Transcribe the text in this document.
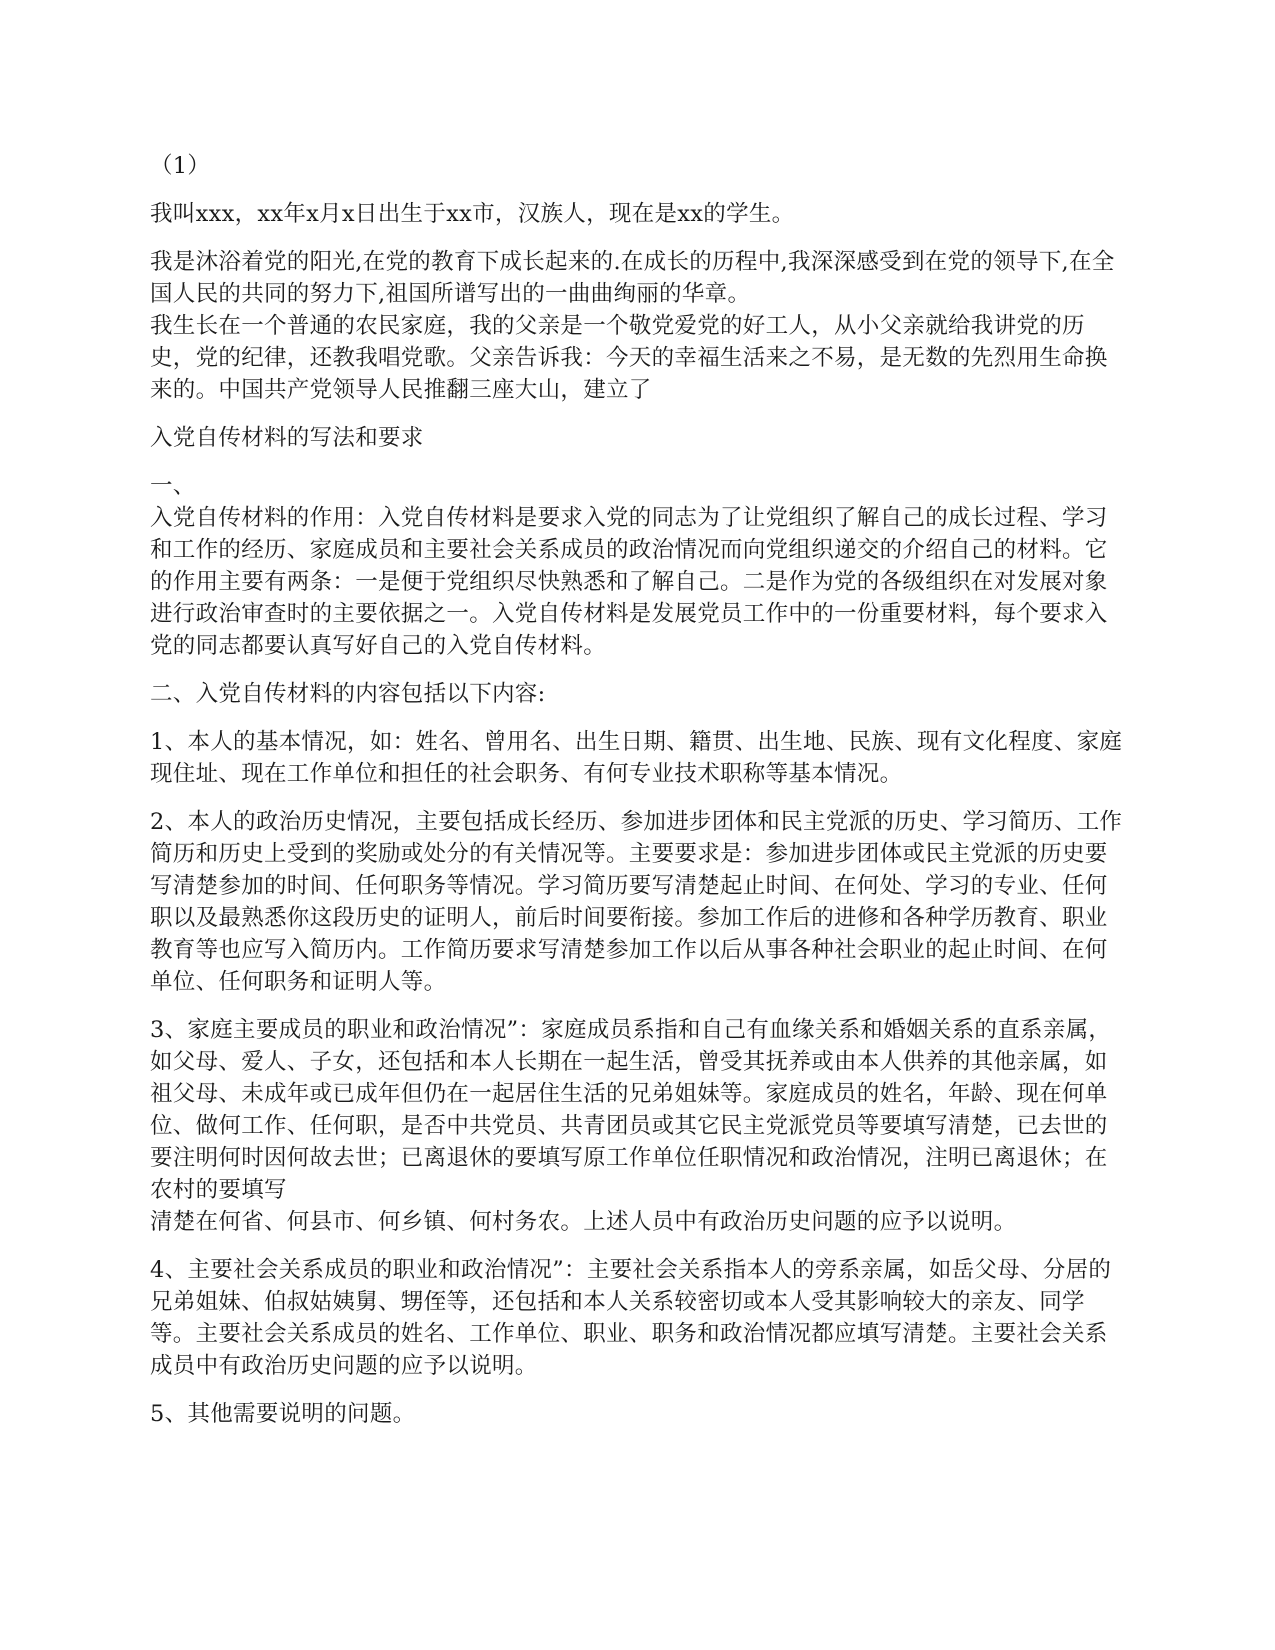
（1）

我叫xxx，xx年x月x日出生于xx市，汉族人，现在是xx的学生。

我是沐浴着党的阳光,在党的教育下成长起来的.在成长的历程中,我深深感受到在党的领导下,在全国人民的共同的努力下,祖国所谱写出的一曲曲绚丽的华章。

我生长在一个普通的农民家庭，我的父亲是一个敬党爱党的好工人，从小父亲就给我讲党的历史，党的纪律，还教我唱党歌。父亲告诉我：今天的幸福生活来之不易，是无数的先烈用生命换来的。中国共产党领导人民推翻三座大山，建立了

入党自传材料的写法和要求

一、

入党自传材料的作用：入党自传材料是要求入党的同志为了让党组织了解自己的成长过程、学习和工作的经历、家庭成员和主要社会关系成员的政治情况而向党组织递交的介绍自己的材料。它的作用主要有两条：一是便于党组织尽快熟悉和了解自己。二是作为党的各级组织在对发展对象进行政治审查时的主要依据之一。入党自传材料是发展党员工作中的一份重要材料，每个要求入党的同志都要认真写好自己的入党自传材料。

二、入党自传材料的内容包括以下内容:

1、本人的基本情况，如：姓名、曾用名、出生日期、籍贯、出生地、民族、现有文化程度、家庭现住址、现在工作单位和担任的社会职务、有何专业技术职称等基本情况。

2、本人的政治历史情况，主要包括成长经历、参加进步团体和民主党派的历史、学习简历、工作简历和历史上受到的奖励或处分的有关情况等。主要要求是：参加进步团体或民主党派的历史要写清楚参加的时间、任何职务等情况。学习简历要写清楚起止时间、在何处、学习的专业、任何职以及最熟悉你这段历史的证明人，前后时间要衔接。参加工作后的进修和各种学历教育、职业教育等也应写入简历内。工作简历要求写清楚参加工作以后从事各种社会职业的起止时间、在何单位、任何职务和证明人等。

3、家庭主要成员的职业和政治情况”：家庭成员系指和自己有血缘关系和婚姻关系的直系亲属，如父母、爱人、子女，还包括和本人长期在一起生活，曾受其抚养或由本人供养的其他亲属，如祖父母、未成年或已成年但仍在一起居住生活的兄弟姐妹等。家庭成员的姓名，年龄、现在何单位、做何工作、任何职，是否中共党员、共青团员或其它民主党派党员等要填写清楚，已去世的要注明何时因何故去世；已离退休的要填写原工作单位任职情况和政治情况，注明已离退休；在农村的要填写

清楚在何省、何县市、何乡镇、何村务农。上述人员中有政治历史问题的应予以说明。

4、主要社会关系成员的职业和政治情况”：主要社会关系指本人的旁系亲属，如岳父母、分居的兄弟姐妹、伯叔姑姨舅、甥侄等，还包括和本人关系较密切或本人受其影响较大的亲友、同学等。主要社会关系成员的姓名、工作单位、职业、职务和政治情况都应填写清楚。主要社会关系成员中有政治历史问题的应予以说明。

5、其他需要说明的问题。
